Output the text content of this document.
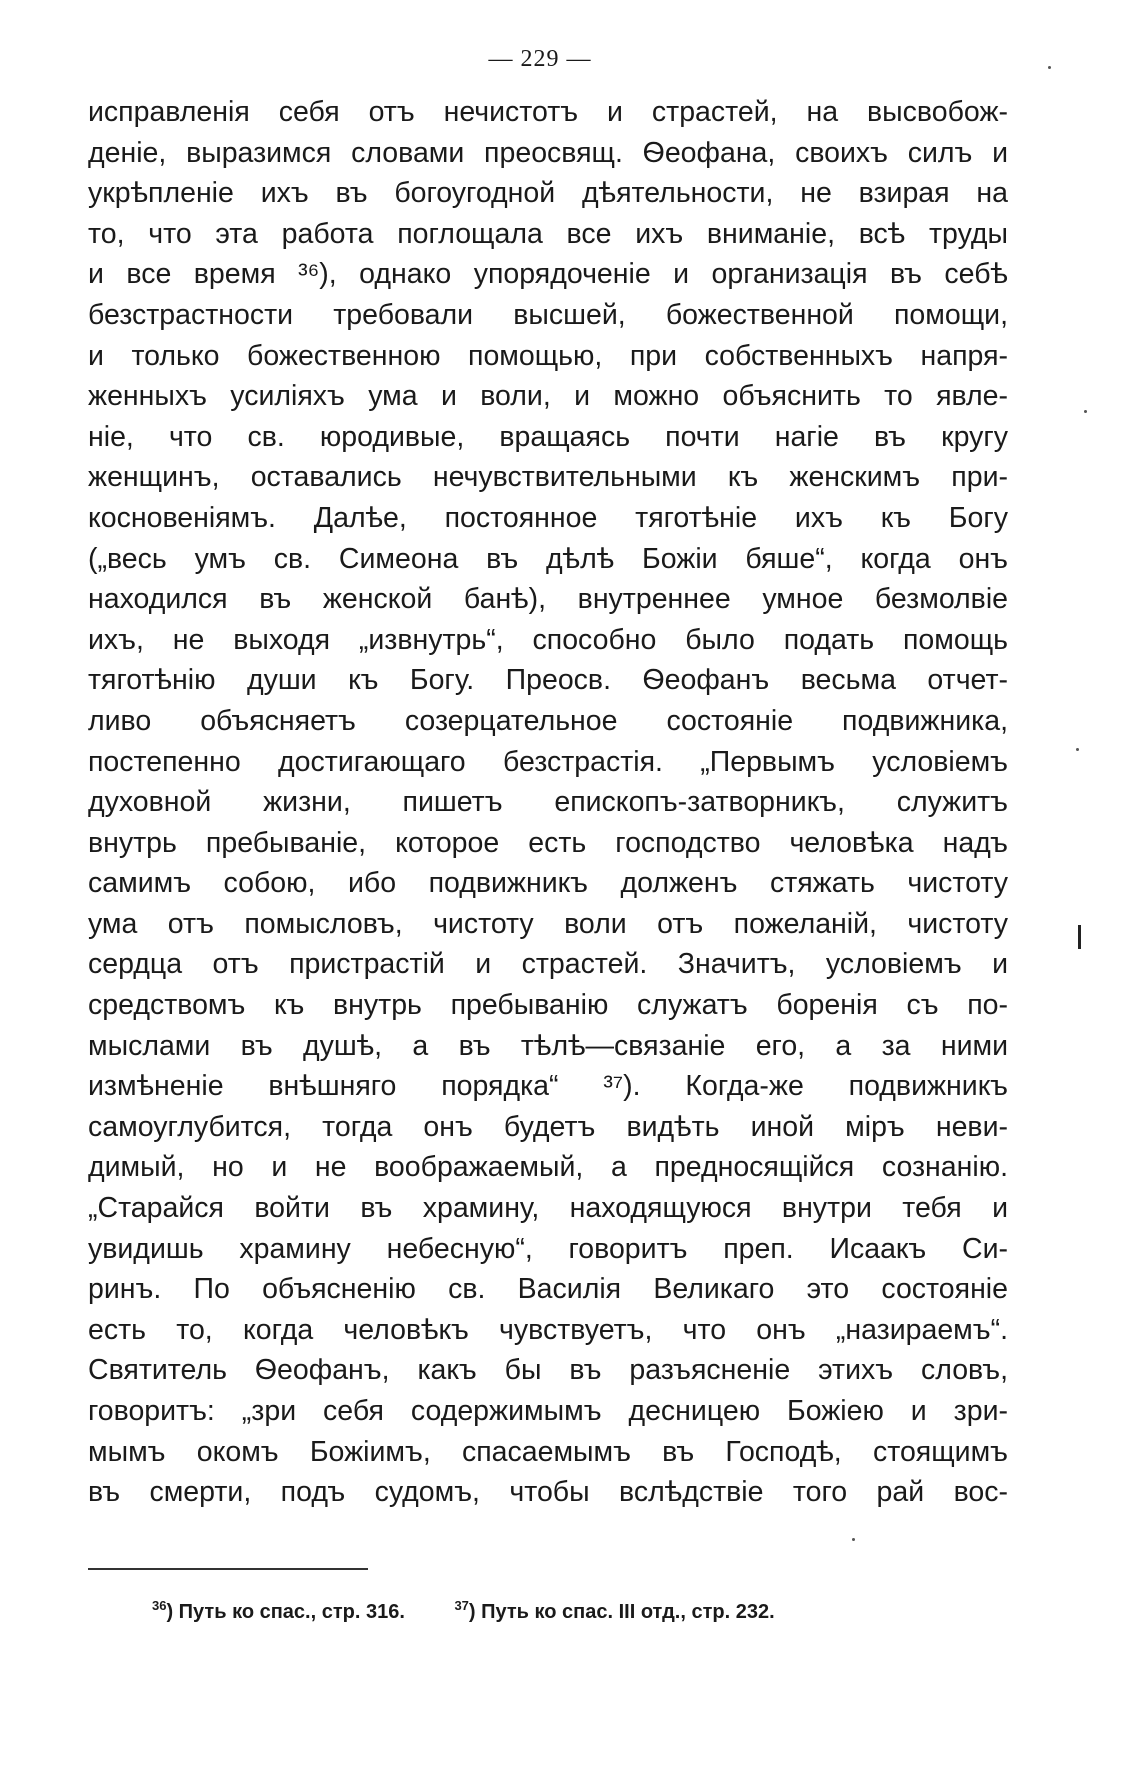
— 229 —
исправленія себя отъ нечистотъ и страстей, на высвобож-
деніе, выразимся словами преосвящ. Ѳеофана, своихъ силъ и
укрѣпленіе ихъ въ богоугодной дѣятельности, не взирая на
то, что эта работа поглощала все ихъ вниманіе, всѣ труды
и все время ³⁶), однако упорядоченіе и организація въ себѣ
безстрастности требовали высшей, божественной помощи,
и только божественною помощью, при собственныхъ напря-
женныхъ усиліяхъ ума и воли, и можно объяснить то явле-
ніе, что св. юродивые, вращаясь почти нагіе въ кругу
женщинъ, оставались нечувствительными къ женскимъ при-
косновеніямъ. Далѣе, постоянное тяготѣніе ихъ къ Богу
(„весь умъ св. Симеона въ дѣлѣ Божіи бяше“, когда онъ
находился въ женской банѣ), внутреннее умное безмолвіе
ихъ, не выходя „извнутрь“, способно было подать помощь
тяготѣнію души къ Богу. Преосв. Ѳеофанъ весьма отчет-
ливо объясняетъ созерцательное состояніе подвижника,
постепенно достигающаго безстрастія. „Первымъ условіемъ
духовной жизни, пишетъ епископъ-затворникъ, служитъ
внутрь пребываніе, которое есть господство человѣка надъ
самимъ собою, ибо подвижникъ долженъ стяжать чистоту
ума отъ помысловъ, чистоту воли отъ пожеланій, чистоту
сердца отъ пристрастій и страстей. Значитъ, условіемъ и
средствомъ къ внутрь пребыванію служатъ боренія съ по-
мыслами въ душѣ, а въ тѣлѣ—связаніе его, а за ними
измѣненіе внѣшняго порядка“ ³⁷). Когда-же подвижникъ
самоуглубится, тогда онъ будетъ видѣть иной міръ неви-
димый, но и не воображаемый, а предносящійся сознанію.
„Старайся войти въ храмину, находящуюся внутри тебя и
увидишь храмину небесную“, говоритъ преп. Исаакъ Си-
ринъ. По объясненію св. Василія Великаго это состояніе
есть то, когда человѣкъ чувствуетъ, что онъ „назираемъ“.
Святитель Ѳеофанъ, какъ бы въ разъясненіе этихъ словъ,
говоритъ: „зри себя содержимымъ десницею Божіею и зри-
мымъ окомъ Божіимъ, спасаемымъ въ Господѣ, стоящимъ
въ смерти, подъ судомъ, чтобы вслѣдствіе того рай вос-
$^{36}$) Путь ко спас., стр. 316.	$^{37}$) Путь ко спас. III отд., стр. 232.
